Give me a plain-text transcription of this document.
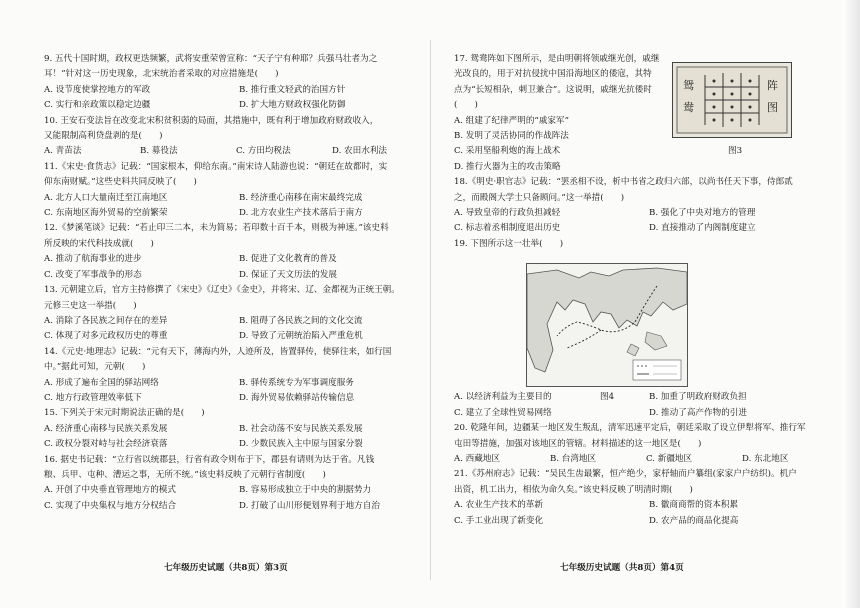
9. 五代十国时期，政权更迭频繁，武将安重荣曾宣称：“天子宁有种耶？兵强马壮者为之
耳！”针对这一历史现象，北宋统治者采取的对应措施是(　　)
A. 设节度使掌控地方的军政	B. 推行重文轻武的治国方针
C. 实行和亲政策以稳定边疆	D. 扩大地方财政权强化防御
10. 王安石变法旨在改变北宋积贫积弱的局面，其措施中，既有利于增加政府财政收入，
又能限制高利贷盘剥的是(　　)
A. 青苗法	B. 募役法	C. 方田均税法	D. 农田水利法
11.《宋史·食货志》记载：“国家根本，仰给东南。”南宋诗人陆游也说：“朝廷在故都时，实
仰东南财赋。”这些史料共同反映了(　　)
A. 北方人口大量南迁至江南地区	B. 经济重心南移在南宋最终完成
C. 东南地区海外贸易的空前繁荣	D. 北方农业生产技术落后于南方
12.《梦溪笔谈》记载：“若止印三二本，未为简易；若印数十百千本，则极为神速。”该史料
所反映的宋代科技成就(　　)
A. 推动了航海事业的进步	B. 促进了文化教育的普及
C. 改变了军事战争的形态	D. 保证了天文历法的发展
13. 元朝建立后，官方主持修撰了《宋史》《辽史》《金史》，并将宋、辽、金都视为正统王朝。
元修三史这一举措(　　)
A. 消除了各民族之间存在的差异	B. 阻碍了各民族之间的文化交流
C. 体现了对多元政权历史的尊重	D. 导致了元朝统治陷入严重危机
14.《元史·地理志》记载：“元有天下，薄海内外，人迹所及，皆置驿传，使驿往来，如行国
中。”据此可知，元朝(　　)
A. 形成了遍布全国的驿站网络	B. 驿传系统专为军事调度服务
C. 地方行政管理效率低下	D. 海外贸易依赖驿站传输信息
15. 下列关于宋元时期说法正确的是(　　)
A. 经济重心南移与民族关系发展	B. 社会动荡不安与民族关系发展
C. 政权分裂对峙与社会经济衰落	D. 少数民族入主中原与国家分裂
16. 据史书记载：“立行省以统郡县，行省有政令则布于下，郡县有请则为达于省。凡钱
粮、兵甲、屯种、漕运之事，无所不统。”该史料反映了元朝行省制度(　　)
A. 开创了中央垂直管理地方的模式	B. 容易形成独立于中央的割据势力
C. 实现了中央集权与地方分权结合	D. 打破了山川形便划界利于地方自治
七年级历史试题（共8页）第3页
17. 鸳鸯阵如下图所示，是由明朝将领戚继光创，戚继
光改良的，用于对抗侵扰中国沿海地区的倭寇，其特
点为“长短相杂，刺卫兼合”。这说明，戚继光抗倭时
(　　)
A. 组建了纪律严明的“戚家军”
B. 发明了灵活协同的作战阵法
C. 采用坚船利炮的海上战术
D. 推行火器为主的攻击策略
18.《明史·职官志》记载：“罢丞相不设，析中书省之政归六部，以尚书任天下事，侍郎贰
之，而殿阁大学士只备顾问。”这一举措(　　)
A. 导致皇帝的行政负担减轻	B. 强化了中央对地方的管理
C. 标志着丞相制度退出历史	D. 直接推动了内阁制度建立
19. 下图所示这一壮举(　　)
A. 以经济利益为主要目的	B. 加重了明政府财政负担
C. 建立了全球性贸易网络	D. 推动了高产作物的引进
20. 乾隆年间，边疆某一地区发生叛乱，清军迅速平定后，朝廷采取了设立伊犁将军、推行军
屯田等措施，加强对该地区的管辖。材料描述的这一地区是(　　)
A. 西藏地区	B. 台湾地区	C. 新疆地区	D. 东北地区
21.《苏州府志》记载：“吴民生齿最繁，恒产绝少，家杼轴而户纂组(家家户户纺织)。机户
出资，机工出力，相依为命久矣。”该史料反映了明清时期(　　)
A. 农业生产技术的革新	B. 徽商商帮的资本积累
C. 手工业出现了新变化	D. 农产品的商品化提高
七年级历史试题（共8页）第4页
鸳
鸯
阵
图
图3
图4
